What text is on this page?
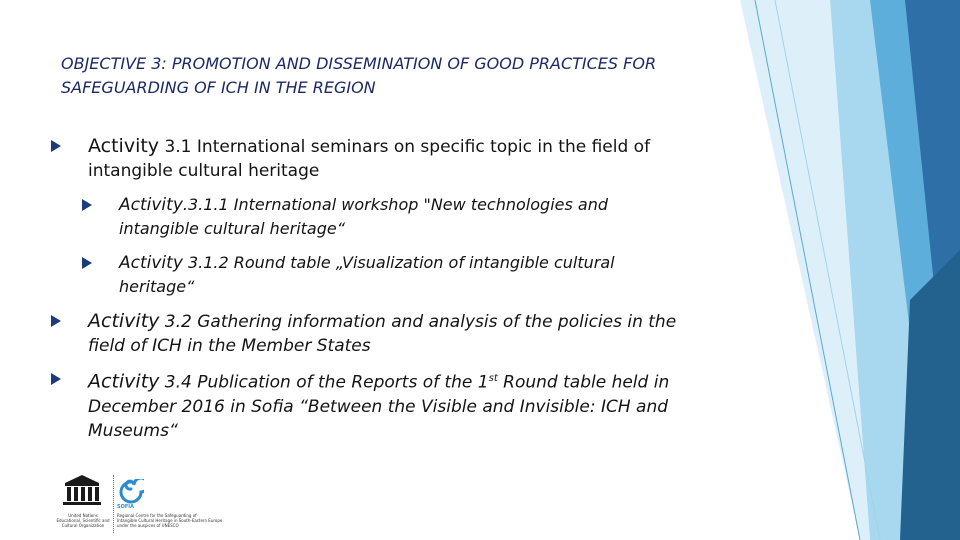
OBJECTIVE 3: PROMOTION AND DISSEMINATION OF GOOD PRACTICES FOR SAFEGUARDING OF ICH IN THE REGION
Activity 3.1 International seminars on specific topic in the field of intangible cultural heritage
Activity.3.1.1 International workshop "New technologies and intangible cultural heritage“
Activity 3.1.2 Round table „Visualization of intangible cultural heritage“
Activity 3.2 Gathering information and analysis of the policies in the field of ICH in the Member States
Activity 3.4 Publication of the Reports of the 1st Round table held in December 2016 in Sofia “Between the Visible and Invisible: ICH and Museums“
United Nations
Educational, Scientific and
Cultural Organization
SOFIA
Regional Centre for the Safeguarding of
Intangible Cultural Heritage in South-Eastern Europe
under the auspices of UNESCO
